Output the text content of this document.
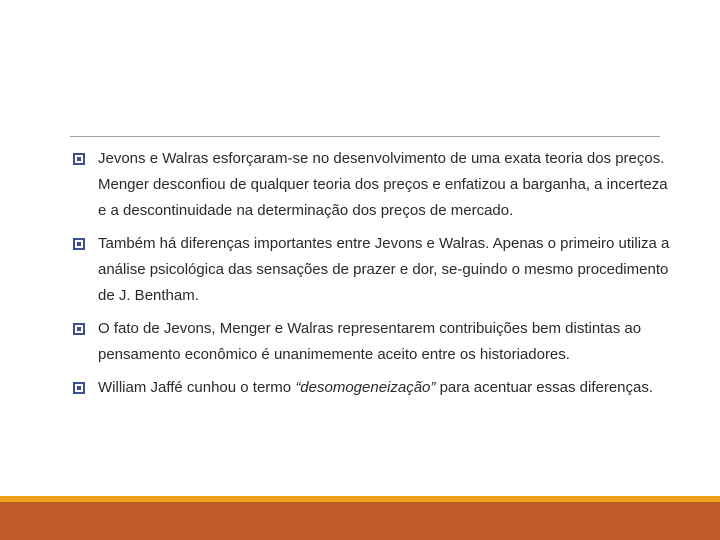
Jevons e Walras esforçaram-se no desenvolvimento de uma exata teoria dos preços. Menger desconfiou de qualquer teoria dos preços e enfatizou a barganha, a incerteza e a descontinuidade na determinação dos preços de mercado.
Também há diferenças importantes entre Jevons e Walras. Apenas o primeiro utiliza a análise psicológica das sensações de prazer e dor, se-guindo o mesmo procedimento de J. Bentham.
O fato de Jevons, Menger e Walras representarem contribuições bem distintas ao pensamento econômico é unanimemente aceito entre os historiadores.
William Jaffé cunhou o termo “desomogeneização” para acentuar essas diferenças.
